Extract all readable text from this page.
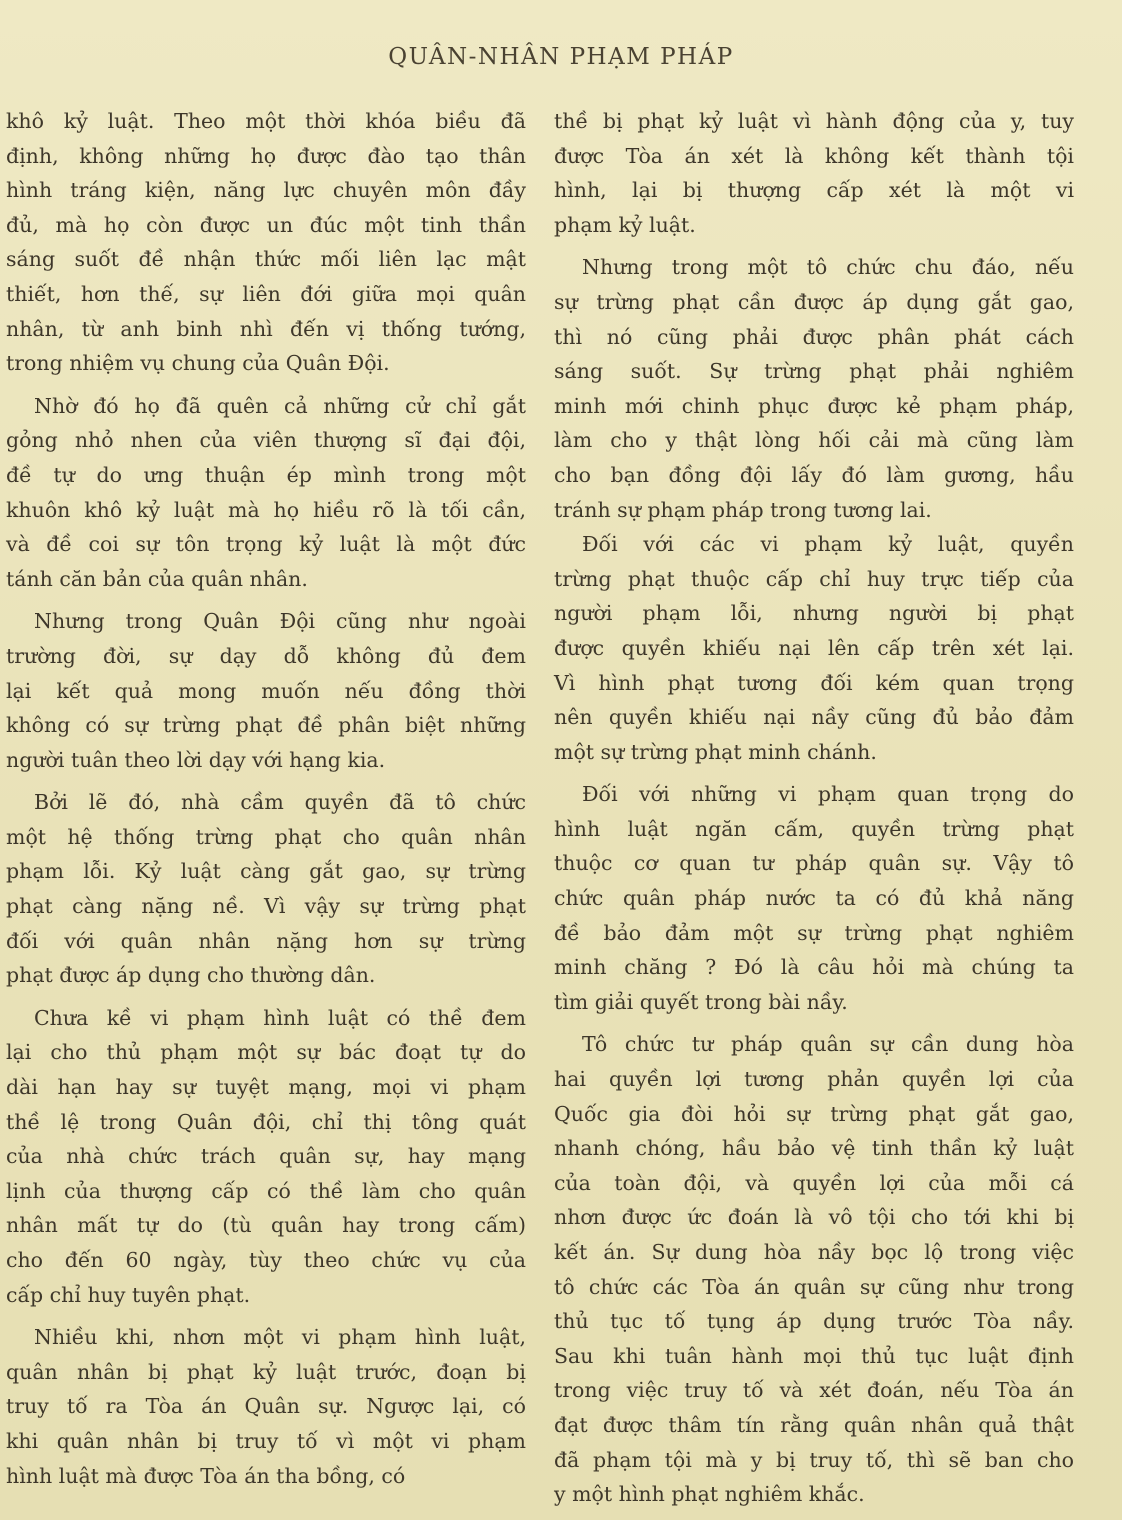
QUÂN-NHÂN PHẠM PHÁP
khô kỷ luật. Theo một thời khóa biều đã
định, không những họ được đào tạo thân
hình tráng kiện, năng lực chuyên môn đầy
đủ, mà họ còn được un đúc một tinh thần
sáng suốt đề nhận thức mối liên lạc mật
thiết, hơn thế, sự liên đới giữa mọi quân
nhân, từ anh binh nhì đến vị thống tướng,
trong nhiệm vụ chung của Quân Đội.
Nhờ đó họ đã quên cả những cử chỉ gắt
gỏng nhỏ nhen của viên thượng sĩ đại đội,
đề tự do ưng thuận ép mình trong một
khuôn khô kỷ luật mà họ hiều rõ là tối cần,
và đề coi sự tôn trọng kỷ luật là một đức
tánh căn bản của quân nhân.
Nhưng trong Quân Đội cũng như ngoài
trường đời, sự dạy dỗ không đủ đem
lại kết quả mong muốn nếu đồng thời
không có sự trừng phạt đề phân biệt những
người tuân theo lời dạy với hạng kia.
Bởi lẽ đó, nhà cầm quyền đã tô chức
một hệ thống trừng phạt cho quân nhân
phạm lỗi. Kỷ luật càng gắt gao, sự trừng
phạt càng nặng nề. Vì vậy sự trừng phạt
đối với quân nhân nặng hơn sự trừng
phạt được áp dụng cho thường dân.
Chưa kề vi phạm hình luật có thề đem
lại cho thủ phạm một sự bác đoạt tự do
dài hạn hay sự tuyệt mạng, mọi vi phạm
thề lệ trong Quân đội, chỉ thị tông quát
của nhà chức trách quân sự, hay mạng
lịnh của thượng cấp có thề làm cho quân
nhân mất tự do (tù quân hay trong cấm)
cho đến 60 ngày, tùy theo chức vụ của
cấp chỉ huy tuyên phạt.
Nhiều khi, nhơn một vi phạm hình luật,
quân nhân bị phạt kỷ luật trước, đoạn bị
truy tố ra Tòa án Quân sự. Ngược lại, có
khi quân nhân bị truy tố vì một vi phạm
hình luật mà được Tòa án tha bồng, có
thề bị phạt kỷ luật vì hành động của y, tuy
được Tòa án xét là không kết thành tội
hình, lại bị thượng cấp xét là một vi
phạm kỷ luật.
Nhưng trong một tô chức chu đáo, nếu
sự trừng phạt cần được áp dụng gắt gao,
thì nó cũng phải được phân phát cách
sáng suốt. Sự trừng phạt phải nghiêm
minh mới chinh phục được kẻ phạm pháp,
làm cho y thật lòng hối cải mà cũng làm
cho bạn đồng đội lấy đó làm gương, hầu
tránh sự phạm pháp trong tương lai.
Đối với các vi phạm kỷ luật, quyền
trừng phạt thuộc cấp chỉ huy trực tiếp của
người phạm lỗi, nhưng người bị phạt
được quyền khiếu nại lên cấp trên xét lại.
Vì hình phạt tương đối kém quan trọng
nên quyền khiếu nại nầy cũng đủ bảo đảm
một sự trừng phạt minh chánh.
Đối với những vi phạm quan trọng do
hình luật ngăn cấm, quyền trừng phạt
thuộc cơ quan tư pháp quân sự. Vậy tô
chức quân pháp nước ta có đủ khả năng
đề bảo đảm một sự trừng phạt nghiêm
minh chăng ? Đó là câu hỏi mà chúng ta
tìm giải quyết trong bài nầy.
Tô chức tư pháp quân sự cần dung hòa
hai quyền lợi tương phản quyền lợi của
Quốc gia đòi hỏi sự trừng phạt gắt gao,
nhanh chóng, hầu bảo vệ tinh thần kỷ luật
của toàn đội, và quyền lợi của mỗi cá
nhơn được ức đoán là vô tội cho tới khi bị
kết án. Sự dung hòa nầy bọc lộ trong việc
tô chức các Tòa án quân sự cũng như trong
thủ tục tố tụng áp dụng trước Tòa nầy.
Sau khi tuân hành mọi thủ tục luật định
trong việc truy tố và xét đoán, nếu Tòa án
đạt được thâm tín rằng quân nhân quả thật
đã phạm tội mà y bị truy tố, thì sẽ ban cho
y một hình phạt nghiêm khắc.
